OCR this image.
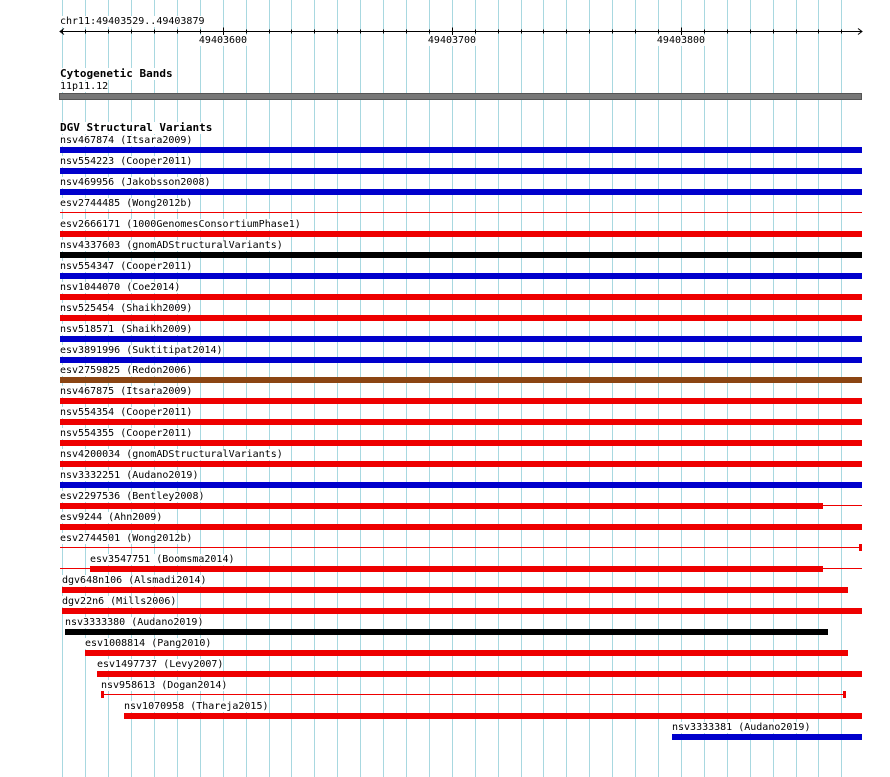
chr11:49403529..49403879
49403600	49403700	49403800
Cytogenetic Bands
11p11.12
DGV Structural Variants
nsv467874 (Itsara2009)
nsv554223 (Cooper2011)
nsv469956 (Jakobsson2008)
esv2744485 (Wong2012b)
esv2666171 (1000GenomesConsortiumPhase1)
nsv4337603 (gnomADStructuralVariants)
nsv554347 (Cooper2011)
nsv1044070 (Coe2014)
nsv525454 (Shaikh2009)
nsv518571 (Shaikh2009)
esv3891996 (Suktitipat2014)
esv2759825 (Redon2006)
nsv467875 (Itsara2009)
nsv554354 (Cooper2011)
nsv554355 (Cooper2011)
nsv4200034 (gnomADStructuralVariants)
nsv3332251 (Audano2019)
esv2297536 (Bentley2008)
esv9244 (Ahn2009)
esv2744501 (Wong2012b)
esv3547751 (Boomsma2014)
dgv648n106 (Alsmadi2014)
dgv22n6 (Mills2006)
nsv3333380 (Audano2019)
esv1008814 (Pang2010)
esv1497737 (Levy2007)
nsv958613 (Dogan2014)
nsv1070958 (Thareja2015)
nsv3333381 (Audano2019)
